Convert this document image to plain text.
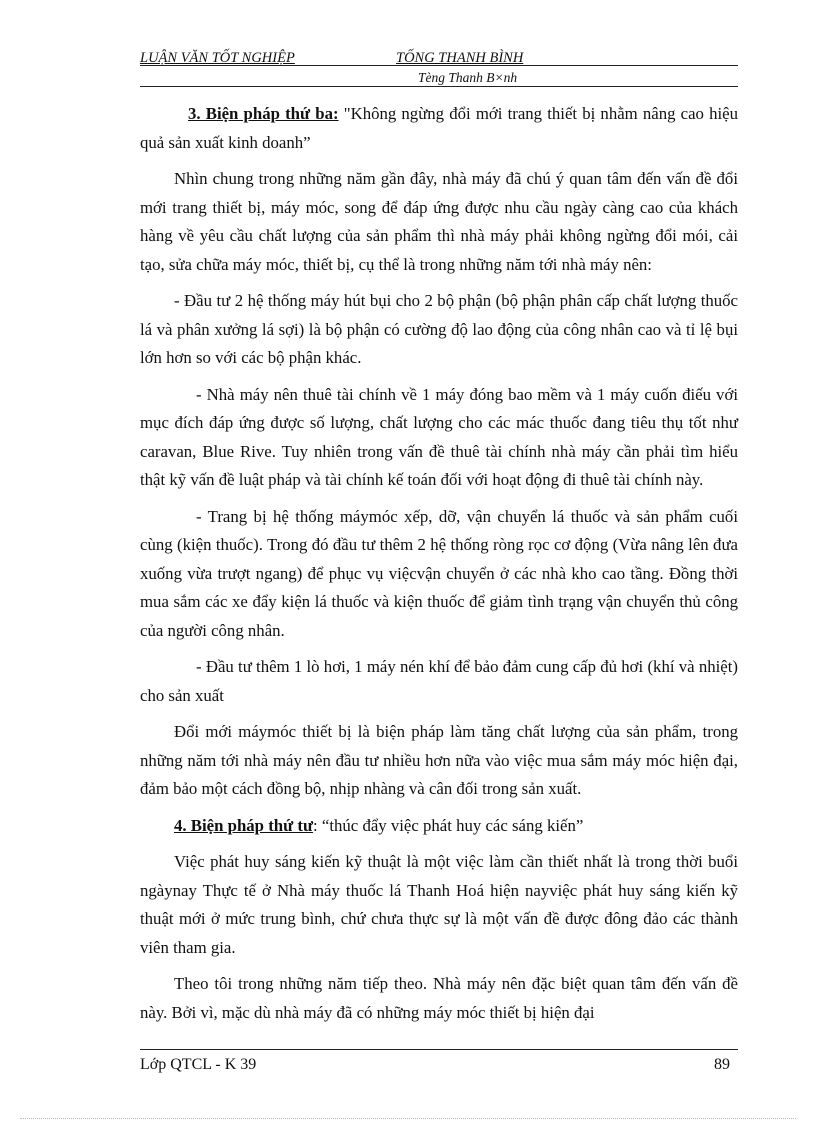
LUẬN VĂN TỐT NGHIỆP	TỐNG THANH BÌNH
Tèng Thanh B×nh

3. Biện pháp thứ ba: "Không ngừng đổi mới trang thiết bị nhằm nâng cao hiệu quả sản xuất kinh doanh”

Nhìn chung trong những năm gần đây, nhà máy đã chú ý quan tâm đến vấn đề đổi mới trang thiết bị, máy móc, song để đáp ứng được nhu cầu ngày càng cao của khách hàng về yêu cầu chất lượng của sản phẩm thì nhà máy phải không ngừng đổi mói, cải tạo, sửa chữa máy móc, thiết bị, cụ thể là trong những năm tới nhà máy nên:

- Đầu tư 2 hệ thống máy hút bụi cho 2 bộ phận (bộ phận phân cấp chất lượng thuốc lá và phân xưởng lá sợi) là bộ phận có cường độ lao động của công nhân cao và tỉ lệ bụi lớn hơn so với các bộ phận khác.

- Nhà máy nên thuê tài chính về 1 máy đóng bao mềm và 1 máy cuốn điếu với mục đích đáp ứng được số lượng, chất lượng cho các mác thuốc đang tiêu thụ tốt như caravan, Blue Rive. Tuy nhiên trong vấn đề thuê tài chính nhà máy cần phải tìm hiểu thật kỹ vấn đề luật pháp và tài chính kế toán đối với hoạt động đi thuê tài chính này.

- Trang bị hệ thống máymóc xếp, dỡ, vận chuyển lá thuốc và sản phẩm cuối cùng (kiện thuốc). Trong đó đầu tư thêm 2 hệ thống ròng rọc cơ động (Vừa nâng lên đưa xuống vừa trượt ngang) để phục vụ việcvận chuyển ở các nhà kho cao tầng. Đồng thời mua sắm các xe đẩy kiện lá thuốc và kiện thuốc để giảm tình trạng vận chuyển thủ công của người công nhân.

- Đầu tư thêm 1 lò hơi, 1 máy nén khí để bảo đảm cung cấp đủ hơi (khí và nhiệt) cho sản xuất

Đổi mới máymóc thiết bị là biện pháp làm tăng chất lượng của sản phẩm, trong những năm tới nhà máy nên đầu tư nhiều hơn nữa vào việc mua sắm máy móc hiện đại, đảm bảo một cách đồng bộ, nhịp nhàng và cân đối trong sản xuất.

4. Biện pháp thứ tư: “thúc đẩy việc phát huy các sáng kiến”

Việc phát huy sáng kiến kỹ thuật là một việc làm cần thiết nhất là trong thời buổi ngàynay Thực tế ở Nhà máy thuốc lá Thanh Hoá hiện nayviệc phát huy sáng kiến kỹ thuật mới ở mức trung bình, chứ chưa thực sự là một vấn đề được đông đảo các thành viên tham gia.

Theo tôi trong những năm tiếp theo. Nhà máy nên đặc biệt quan tâm đến vấn đề này. Bởi vì, mặc dù nhà máy đã có những máy móc thiết bị hiện đại

Lớp QTCL - K 39	89
